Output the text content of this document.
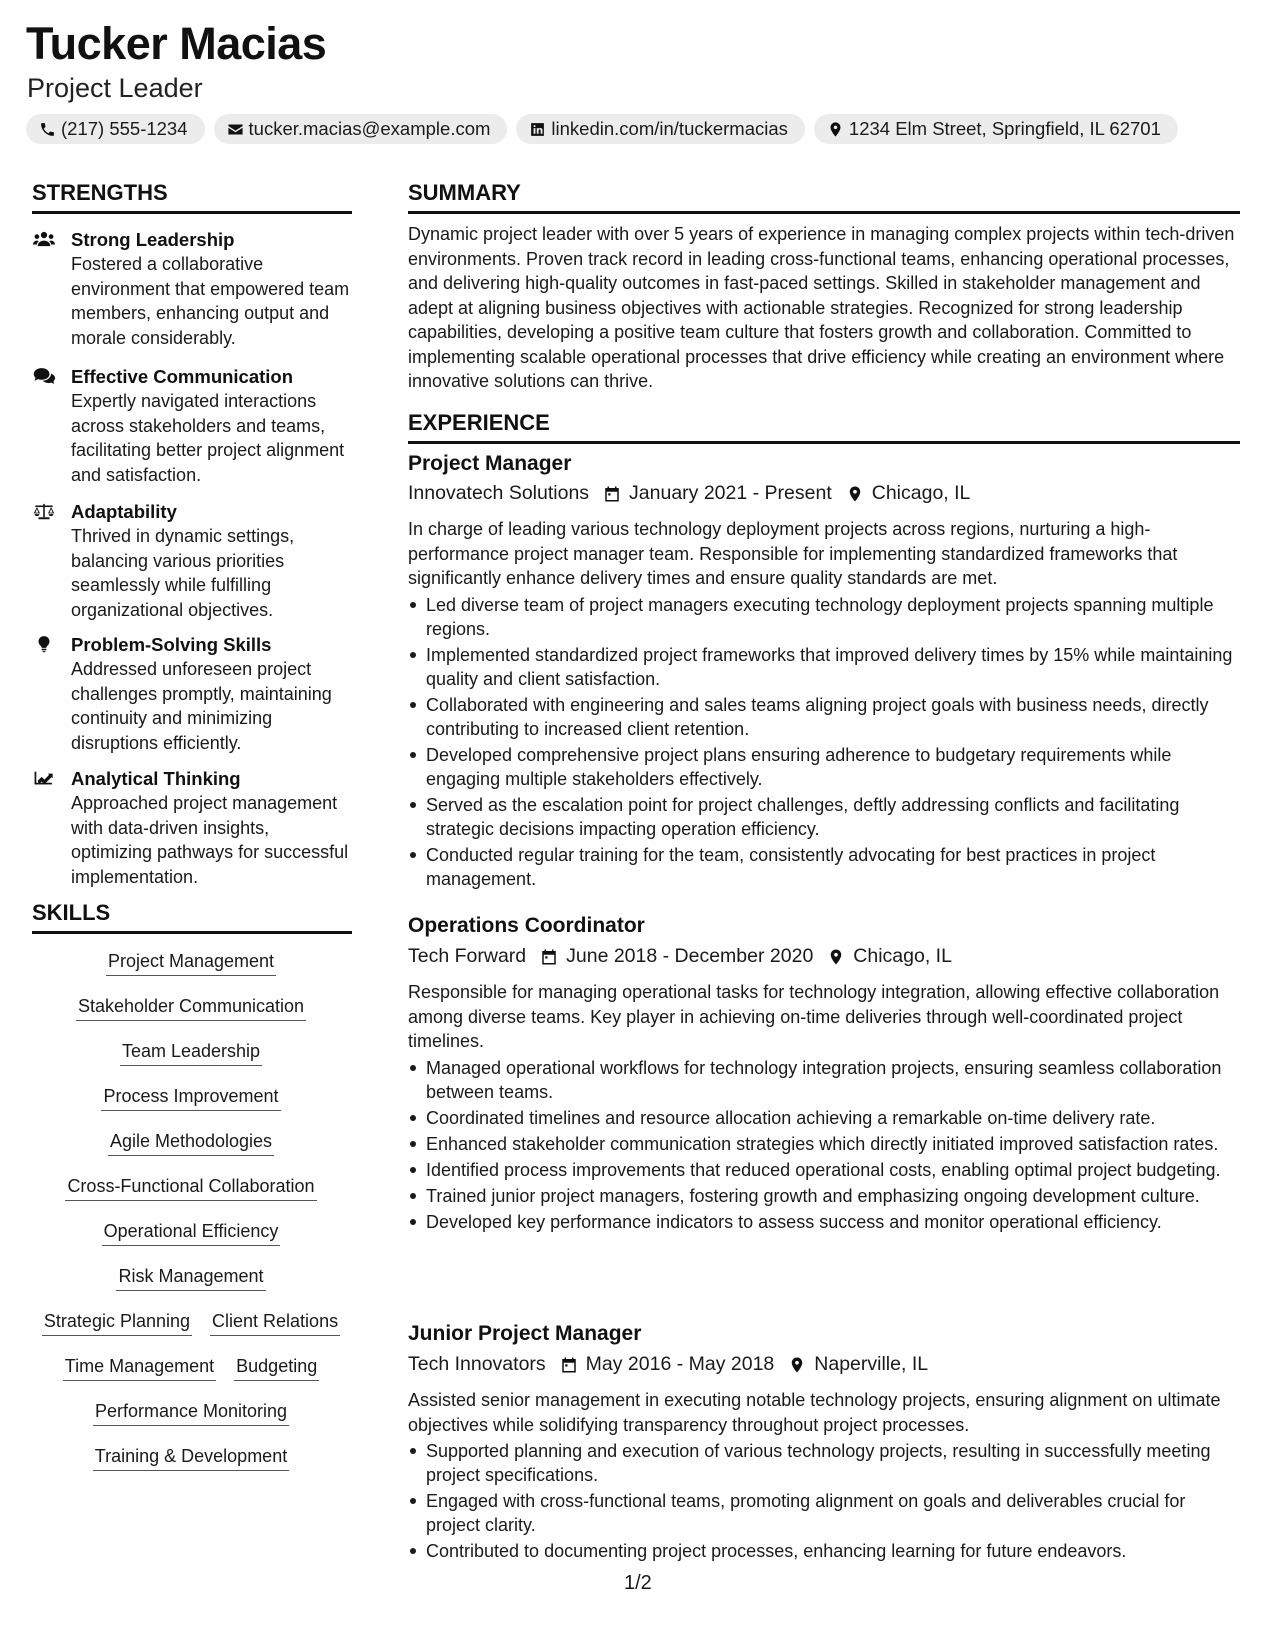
Tucker Macias
Project Leader
(217) 555-1234	tucker.macias@example.com	linkedin.com/in/tuckermacias	1234 Elm Street, Springfield, IL 62701
STRENGTHS
Strong Leadership
Fostered a collaborative environment that empowered team members, enhancing output and morale considerably.
Effective Communication
Expertly navigated interactions across stakeholders and teams, facilitating better project alignment and satisfaction.
Adaptability
Thrived in dynamic settings, balancing various priorities seamlessly while fulfilling organizational objectives.
Problem-Solving Skills
Addressed unforeseen project challenges promptly, maintaining continuity and minimizing disruptions efficiently.
Analytical Thinking
Approached project management with data-driven insights, optimizing pathways for successful implementation.
SKILLS
Project Management
Stakeholder Communication
Team Leadership
Process Improvement
Agile Methodologies
Cross-Functional Collaboration
Operational Efficiency
Risk Management
Strategic Planning Client Relations
Time Management Budgeting
Performance Monitoring
Training & Development
SUMMARY

Dynamic project leader with over 5 years of experience in managing complex projects within tech-driven environments. Proven track record in leading cross-functional teams, enhancing operational processes, and delivering high-quality outcomes in fast-paced settings. Skilled in stakeholder management and adept at aligning business objectives with actionable strategies. Recognized for strong leadership capabilities, developing a positive team culture that fosters growth and collaboration. Committed to implementing scalable operational processes that drive efficiency while creating an environment where innovative solutions can thrive.

EXPERIENCE
Project Manager
Innovatech Solutions January 2021 - Present Chicago, IL

In charge of leading various technology deployment projects across regions, nurturing a high-performance project manager team. Responsible for implementing standardized frameworks that significantly enhance delivery times and ensure quality standards are met.

Led diverse team of project managers executing technology deployment projects spanning multiple regions.
Implemented standardized project frameworks that improved delivery times by 15% while maintaining quality and client satisfaction.
Collaborated with engineering and sales teams aligning project goals with business needs, directly contributing to increased client retention.
Developed comprehensive project plans ensuring adherence to budgetary requirements while engaging multiple stakeholders effectively.
Served as the escalation point for project challenges, deftly addressing conflicts and facilitating strategic decisions impacting operation efficiency.
Conducted regular training for the team, consistently advocating for best practices in project management.
Operations Coordinator
Tech Forward June 2018 - December 2020 Chicago, IL

Responsible for managing operational tasks for technology integration, allowing effective collaboration among diverse teams. Key player in achieving on-time deliveries through well-coordinated project timelines.

Managed operational workflows for technology integration projects, ensuring seamless collaboration between teams.
Coordinated timelines and resource allocation achieving a remarkable on-time delivery rate.
Enhanced stakeholder communication strategies which directly initiated improved satisfaction rates.
Identified process improvements that reduced operational costs, enabling optimal project budgeting.
Trained junior project managers, fostering growth and emphasizing ongoing development culture.
Developed key performance indicators to assess success and monitor operational efficiency.
Junior Project Manager
Tech Innovators May 2016 - May 2018 Naperville, IL

Assisted senior management in executing notable technology projects, ensuring alignment on ultimate objectives while solidifying transparency throughout project processes.

Supported planning and execution of various technology projects, resulting in successfully meeting project specifications.
Engaged with cross-functional teams, promoting alignment on goals and deliverables crucial for project clarity.
Contributed to documenting project processes, enhancing learning for future endeavors.
1/2
